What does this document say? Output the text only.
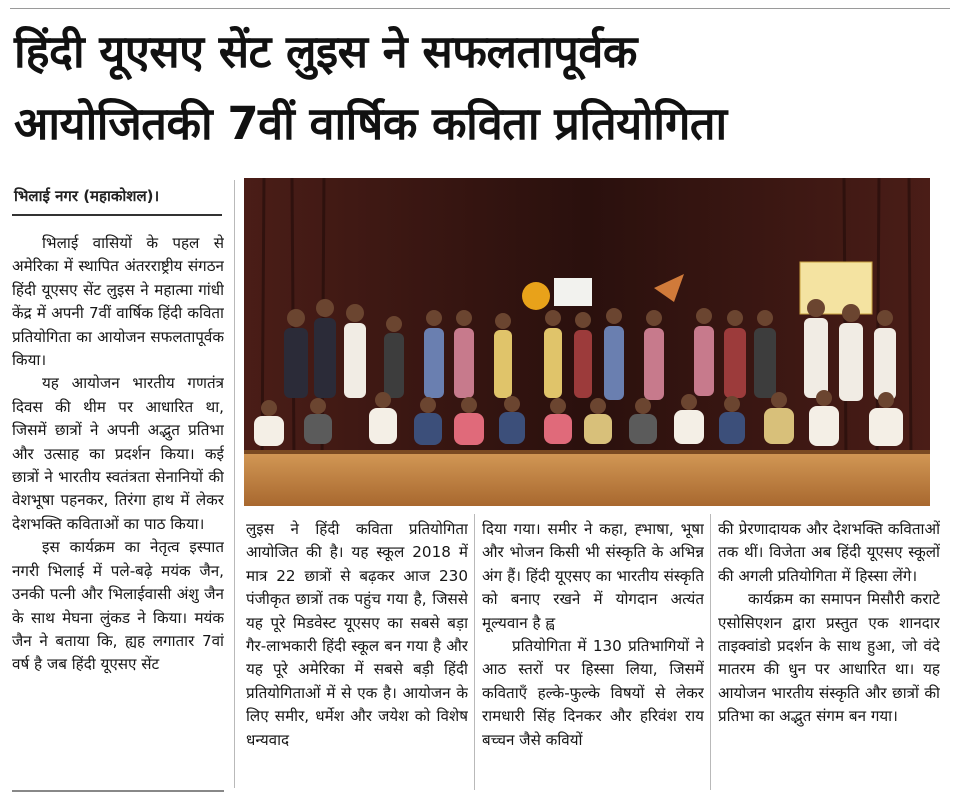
हिंदी यूएसए सेंट लुइस ने सफलतापूर्वक
आयोजितकी 7वीं वार्षिक कविता प्रतियोगिता
भिलाई नगर (महाकोशल)।

भिलाई वासियों के पहल से अमेरिका में स्थापित अंतरराष्ट्रीय संगठन हिंदी यूएसए सेंट लुइस ने महात्मा गांधी केंद्र में अपनी 7वीं वार्षिक हिंदी कविता प्रतियोगिता का आयोजन सफलतापूर्वक किया।

यह आयोजन भारतीय गणतंत्र दिवस की थीम पर आधारित था, जिसमें छात्रों ने अपनी अद्भुत प्रतिभा और उत्साह का प्रदर्शन किया। कई छात्रों ने भारतीय स्वतंत्रता सेनानियों की वेशभूषा पहनकर, तिरंगा हाथ में लेकर देशभक्ति कविताओं का पाठ किया।

इस कार्यक्रम का नेतृत्व इस्पात नगरी भिलाई में पले-बढ़े मयंक जैन, उनकी पत्नी और भिलाईवासी अंशु जैन के साथ मेघना लुंकड ने किया। मयंक जैन ने बताया कि, ह्यह लगातार 7वां वर्ष है जब हिंदी यूएसए सेंट

लुइस ने हिंदी कविता प्रतियोगिता आयोजित की है। यह स्कूल 2018 में मात्र 22 छात्रों से बढ़कर आज 230 पंजीकृत छात्रों तक पहुंच गया है, जिससे यह पूरे मिडवेस्ट यूएसए का सबसे बड़ा गैर-लाभकारी हिंदी स्कूल बन गया है और यह पूरे अमेरिका में सबसे बड़ी हिंदी प्रतियोगिताओं में से एक है। आयोजन के लिए समीर, धर्मेश और जयेश को विशेष धन्यवाद

दिया गया। समीर ने कहा, ह्भाषा, भूषा और भोजन किसी भी संस्कृति के अभिन्न अंग हैं। हिंदी यूएसए का भारतीय संस्कृति को बनाए रखने में योगदान अत्यंत मूल्यवान है ह्व

प्रतियोगिता में 130 प्रतिभागियों ने आठ स्तरों पर हिस्सा लिया, जिसमें कविताएँ हल्के-फुल्के विषयों से लेकर रामधारी सिंह दिनकर और हरिवंश राय बच्चन जैसे कवियों

की प्रेरणादायक और देशभक्ति कविताओं तक थीं। विजेता अब हिंदी यूएसए स्कूलों की अगली प्रतियोगिता में हिस्सा लेंगे।

कार्यक्रम का समापन मिसौरी कराटे एसोसिएशन द्वारा प्रस्तुत एक शानदार ताइक्वांडो प्रदर्शन के साथ हुआ, जो वंदे मातरम की धुन पर आधारित था। यह आयोजन भारतीय संस्कृति और छात्रों की प्रतिभा का अद्भुत संगम बन गया।
